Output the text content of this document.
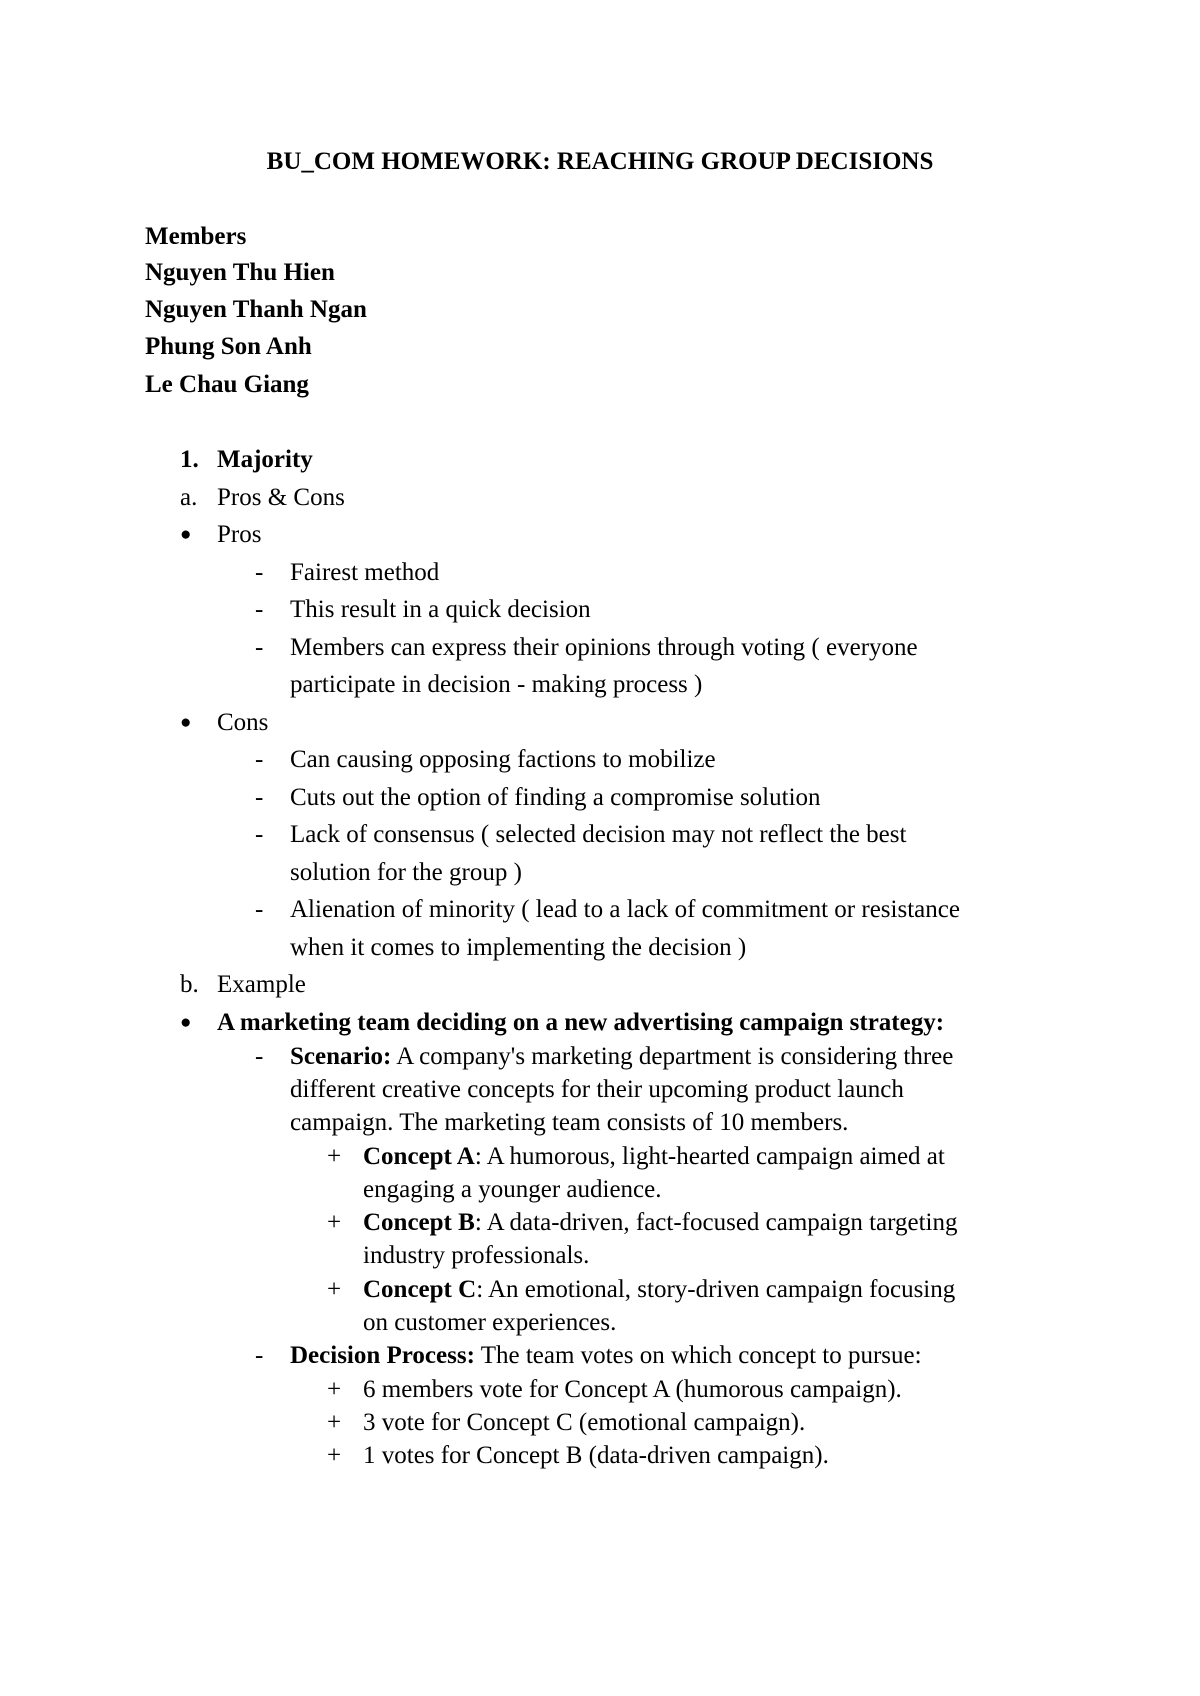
BU_COM HOMEWORK: REACHING GROUP DECISIONS
Members
Nguyen Thu Hien
Nguyen Thanh Ngan
Phung Son Anh
Le Chau Giang
1. Majority
a. Pros & Cons
● Pros
- Fairest method
- This result in a quick decision
- Members can express their opinions through voting ( everyone
participate in decision - making process )
● Cons
- Can causing opposing factions to mobilize
- Cuts out the option of finding a compromise solution
- Lack of consensus ( selected decision may not reflect the best
solution for the group )
- Alienation of minority ( lead to a lack of commitment or resistance
when it comes to implementing the decision )
b. Example
● A marketing team deciding on a new advertising campaign strategy:
- Scenario: A company's marketing department is considering three
different creative concepts for their upcoming product launch
campaign. The marketing team consists of 10 members.
+ Concept A: A humorous, light-hearted campaign aimed at
engaging a younger audience.
+ Concept B: A data-driven, fact-focused campaign targeting
industry professionals.
+ Concept C: An emotional, story-driven campaign focusing
on customer experiences.
- Decision Process: The team votes on which concept to pursue:
+ 6 members vote for Concept A (humorous campaign).
+ 3 vote for Concept C (emotional campaign).
+ 1 votes for Concept B (data-driven campaign).
